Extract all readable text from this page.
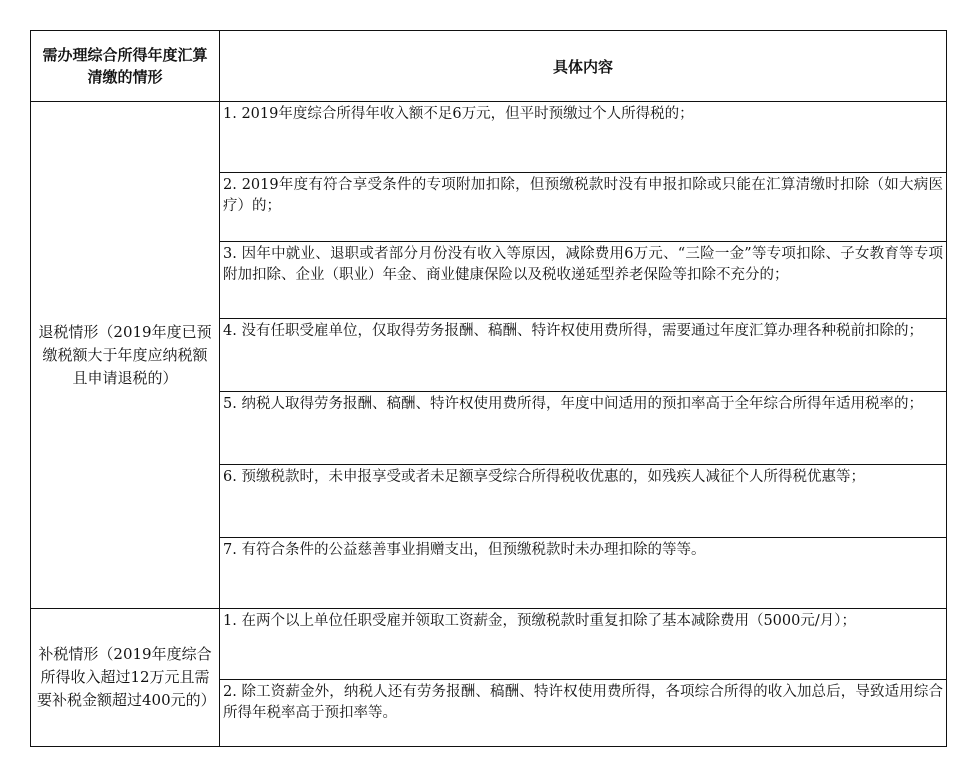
需办理综合所得年度汇算清缴的情形	具体内容
退税情形（2019年度已预缴税额大于年度应纳税额且申请退税的）	1. 2019年度综合所得年收入额不足6万元，但平时预缴过个人所得税的；
	2. 2019年度有符合享受条件的专项附加扣除，但预缴税款时没有申报扣除或只能在汇算清缴时扣除（如大病医疗）的；
	3. 因年中就业、退职或者部分月份没有收入等原因，减除费用6万元、“三险一金”等专项扣除、子女教育等专项附加扣除、企业（职业）年金、商业健康保险以及税收递延型养老保险等扣除不充分的；
	4. 没有任职受雇单位，仅取得劳务报酬、稿酬、特许权使用费所得，需要通过年度汇算办理各种税前扣除的；
	5. 纳税人取得劳务报酬、稿酬、特许权使用费所得，年度中间适用的预扣率高于全年综合所得年适用税率的；
	6. 预缴税款时，未申报享受或者未足额享受综合所得税收优惠的，如残疾人减征个人所得税优惠等；
	7. 有符合条件的公益慈善事业捐赠支出，但预缴税款时未办理扣除的等等。
补税情形（2019年度综合所得收入超过12万元且需要补税金额超过400元的）	1. 在两个以上单位任职受雇并领取工资薪金，预缴税款时重复扣除了基本减除费用（5000元/月）；
	2. 除工资薪金外，纳税人还有劳务报酬、稿酬、特许权使用费所得，各项综合所得的收入加总后，导致适用综合所得年税率高于预扣率等。
